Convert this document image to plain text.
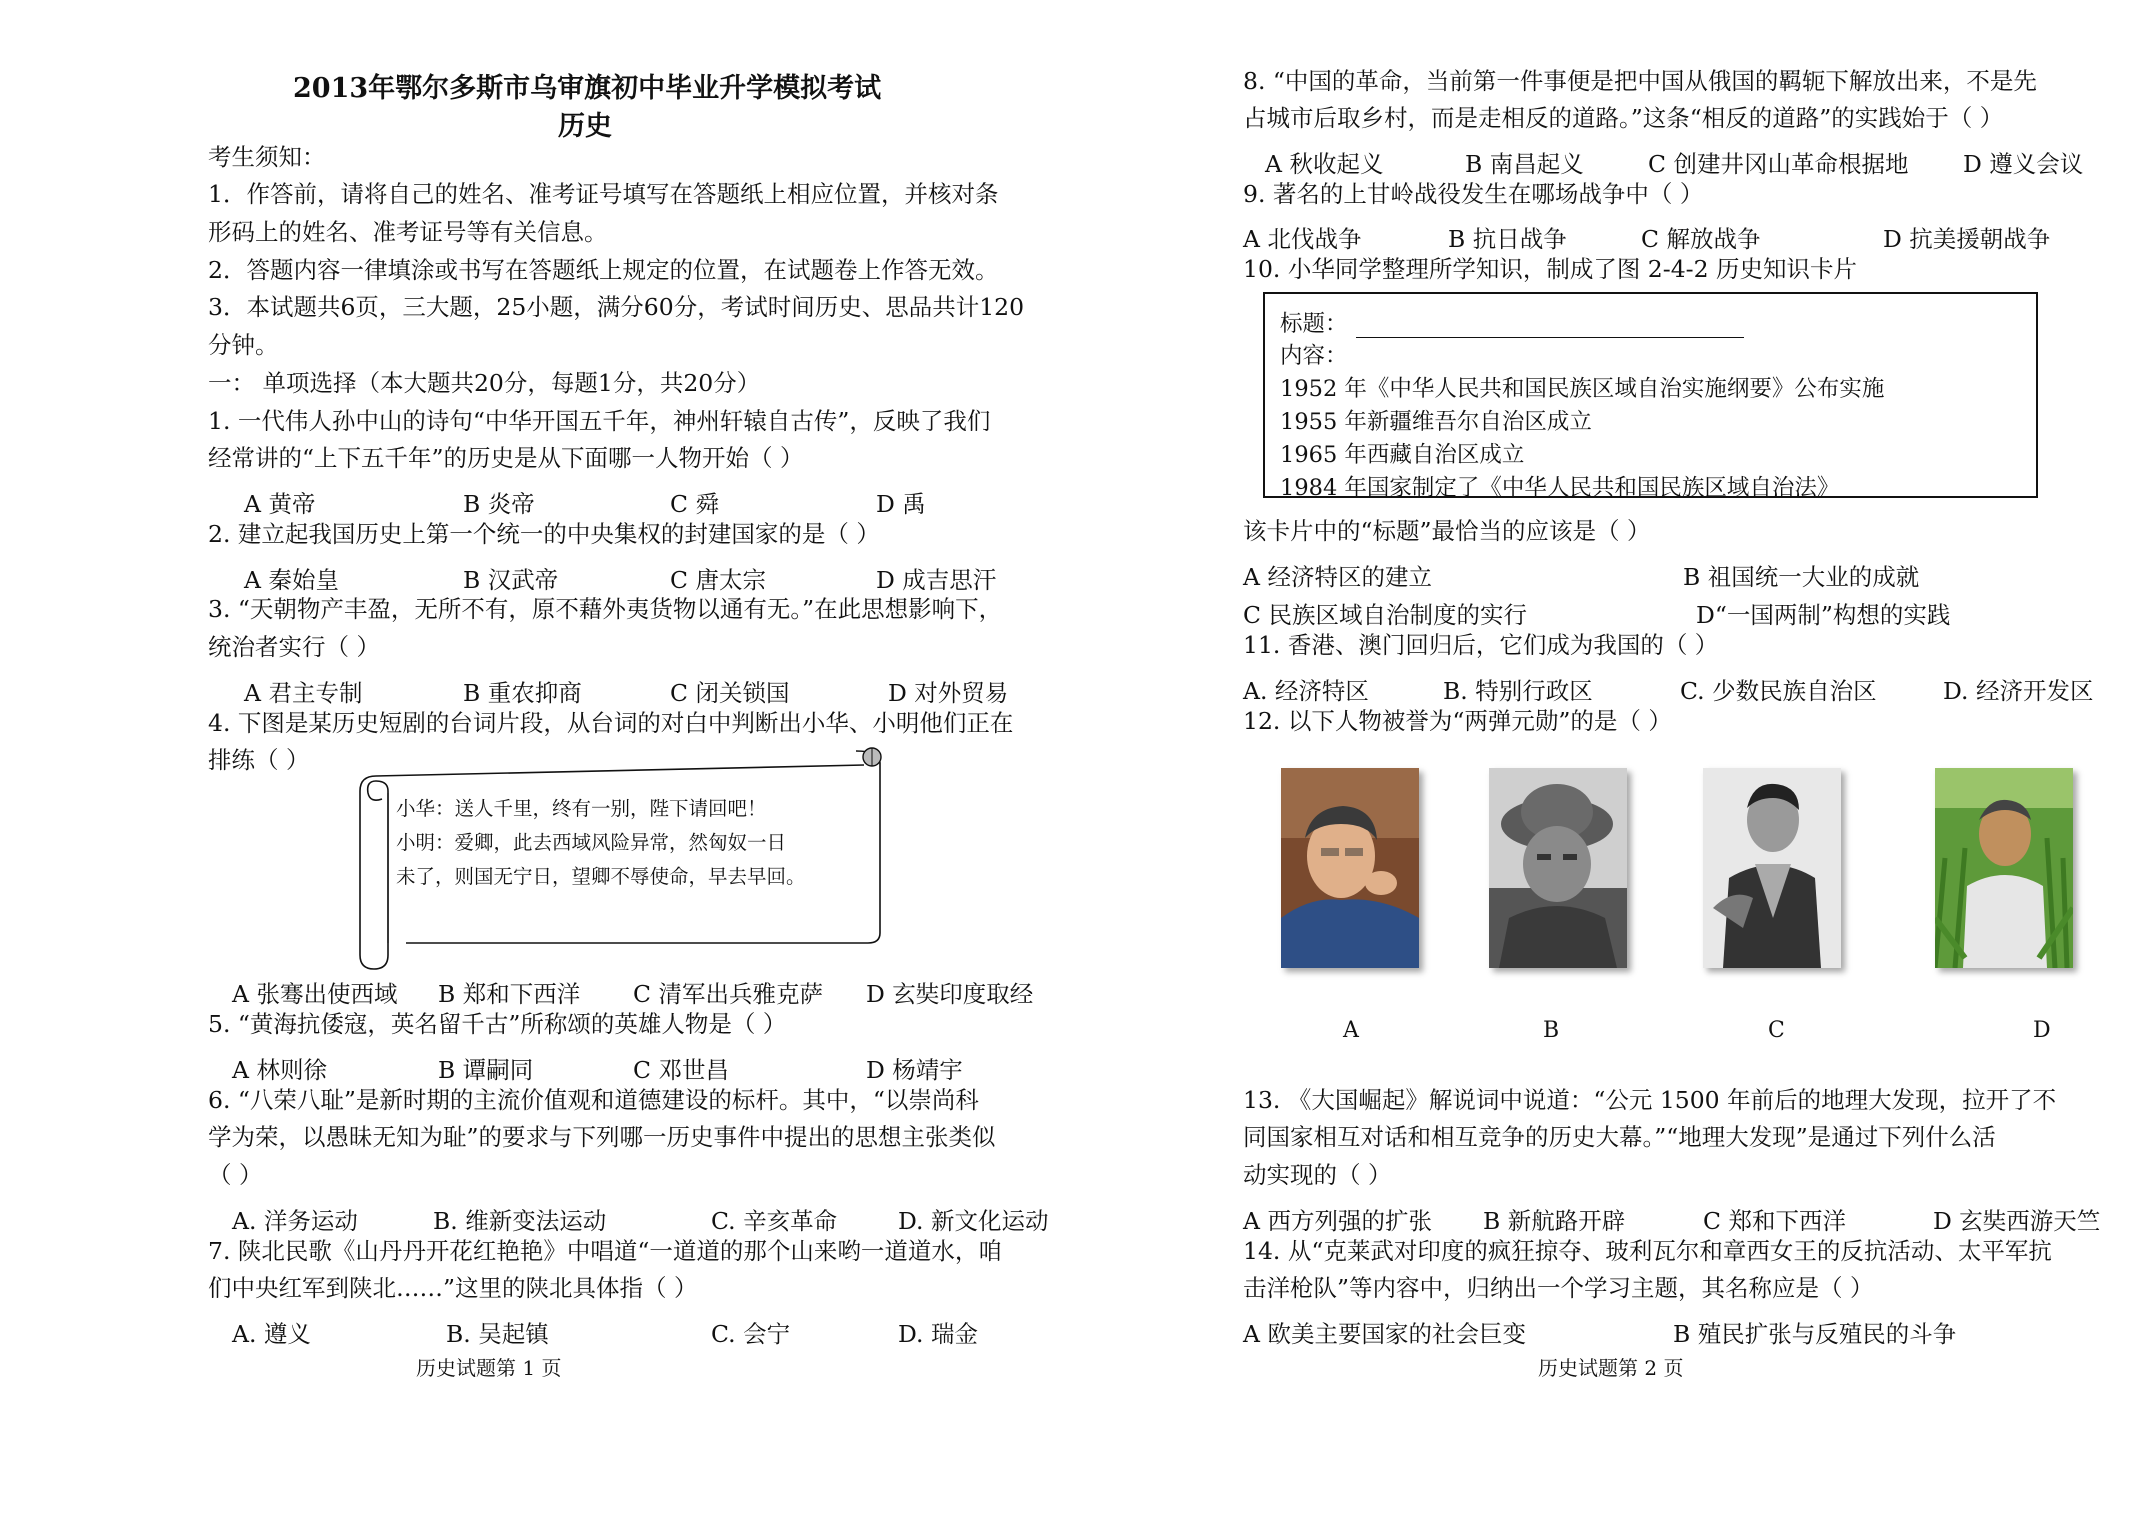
2013年鄂尔多斯市乌审旗初中毕业升学模拟考试
历史
考生须知：
1．作答前，请将自己的姓名、准考证号填写在答题纸上相应位置，并核对条
形码上的姓名、准考证号等有关信息。
2．答题内容一律填涂或书写在答题纸上规定的位置，在试题卷上作答无效。
3．本试题共6页，三大题，25小题，满分60分，考试时间历史、思品共计120
分钟。
一： 单项选择（本大题共20分，每题1分，共20分）
1. 一代伟人孙中山的诗句“中华开国五千年，神州轩辕自古传”，反映了我们
经常讲的“上下五千年”的历史是从下面哪一人物开始（ ）
A 黄帝	B 炎帝	C 舜	D 禹
2. 建立起我国历史上第一个统一的中央集权的封建国家的是（ ）
A 秦始皇	B 汉武帝	C 唐太宗	D 成吉思汗
3. “天朝物产丰盈，无所不有，原不藉外夷货物以通有无。”在此思想影响下，
统治者实行（ ）
A 君主专制	B 重农抑商	C 闭关锁国	D 对外贸易
4. 下图是某历史短剧的台词片段，从台词的对白中判断出小华、小明他们正在
排练（ ）
小华：送人千里，终有一别，陛下请回吧！
小明：爱卿，此去西域风险异常，然匈奴一日
未了，则国无宁日，望卿不辱使命，早去早回。
A 张骞出使西域 B 郑和下西洋 C 清军出兵雅克萨 D 玄奘印度取经
5. “黄海抗倭寇，英名留千古”所称颂的英雄人物是（ ）
A 林则徐	B 谭嗣同	C 邓世昌	D 杨靖宇
6. “八荣八耻”是新时期的主流价值观和道德建设的标杆。其中，“以崇尚科
学为荣，以愚昧无知为耻”的要求与下列哪一历史事件中提出的思想主张类似
（ ）
A. 洋务运动	B. 维新变法运动	C. 辛亥革命	D. 新文化运动
7. 陕北民歌《山丹丹开花红艳艳》中唱道“一道道的那个山来哟一道道水，咱
们中央红军到陕北……”这里的陕北具体指（ ）
A. 遵义	B. 吴起镇	C. 会宁	D. 瑞金
历史试题第 1 页
8. “中国的革命，当前第一件事便是把中国从俄国的羁轭下解放出来，不是先
占城市后取乡村，而是走相反的道路。”这条“相反的道路”的实践始于（ ）
A 秋收起义	B 南昌起义	C 创建井冈山革命根据地 D 遵义会议
9. 著名的上甘岭战役发生在哪场战争中（ ）
A 北伐战争	B 抗日战争	C 解放战争	D 抗美援朝战争
10. 小华同学整理所学知识，制成了图 2-4-2 历史知识卡片
标题：
内容：
1952 年《中华人民共和国民族区域自治实施纲要》公布实施
1955 年新疆维吾尔自治区成立
1965 年西藏自治区成立
1984 年国家制定了《中华人民共和国民族区域自治法》
该卡片中的“标题”最恰当的应该是（ ）
A 经济特区的建立	B 祖国统一大业的成就
C 民族区域自治制度的实行	D“一国两制”构想的实践
11. 香港、澳门回归后，它们成为我国的（ ）
A. 经济特区	B. 特别行政区	C. 少数民族自治区	D. 经济开发区
12. 以下人物被誉为“两弹元勋”的是（ ）
A	B	C	D
13. 《大国崛起》解说词中说道：“公元 1500 年前后的地理大发现，拉开了不
同国家相互对话和相互竞争的历史大幕。”“地理大发现”是通过下列什么活
动实现的（ ）
A 西方列强的扩张 B 新航路开辟	C 郑和下西洋	D 玄奘西游天竺
14. 从“克莱武对印度的疯狂掠夺、玻利瓦尔和章西女王的反抗活动、太平军抗
击洋枪队”等内容中，归纳出一个学习主题，其名称应是（ ）
A 欧美主要国家的社会巨变	B 殖民扩张与反殖民的斗争
历史试题第 2 页
